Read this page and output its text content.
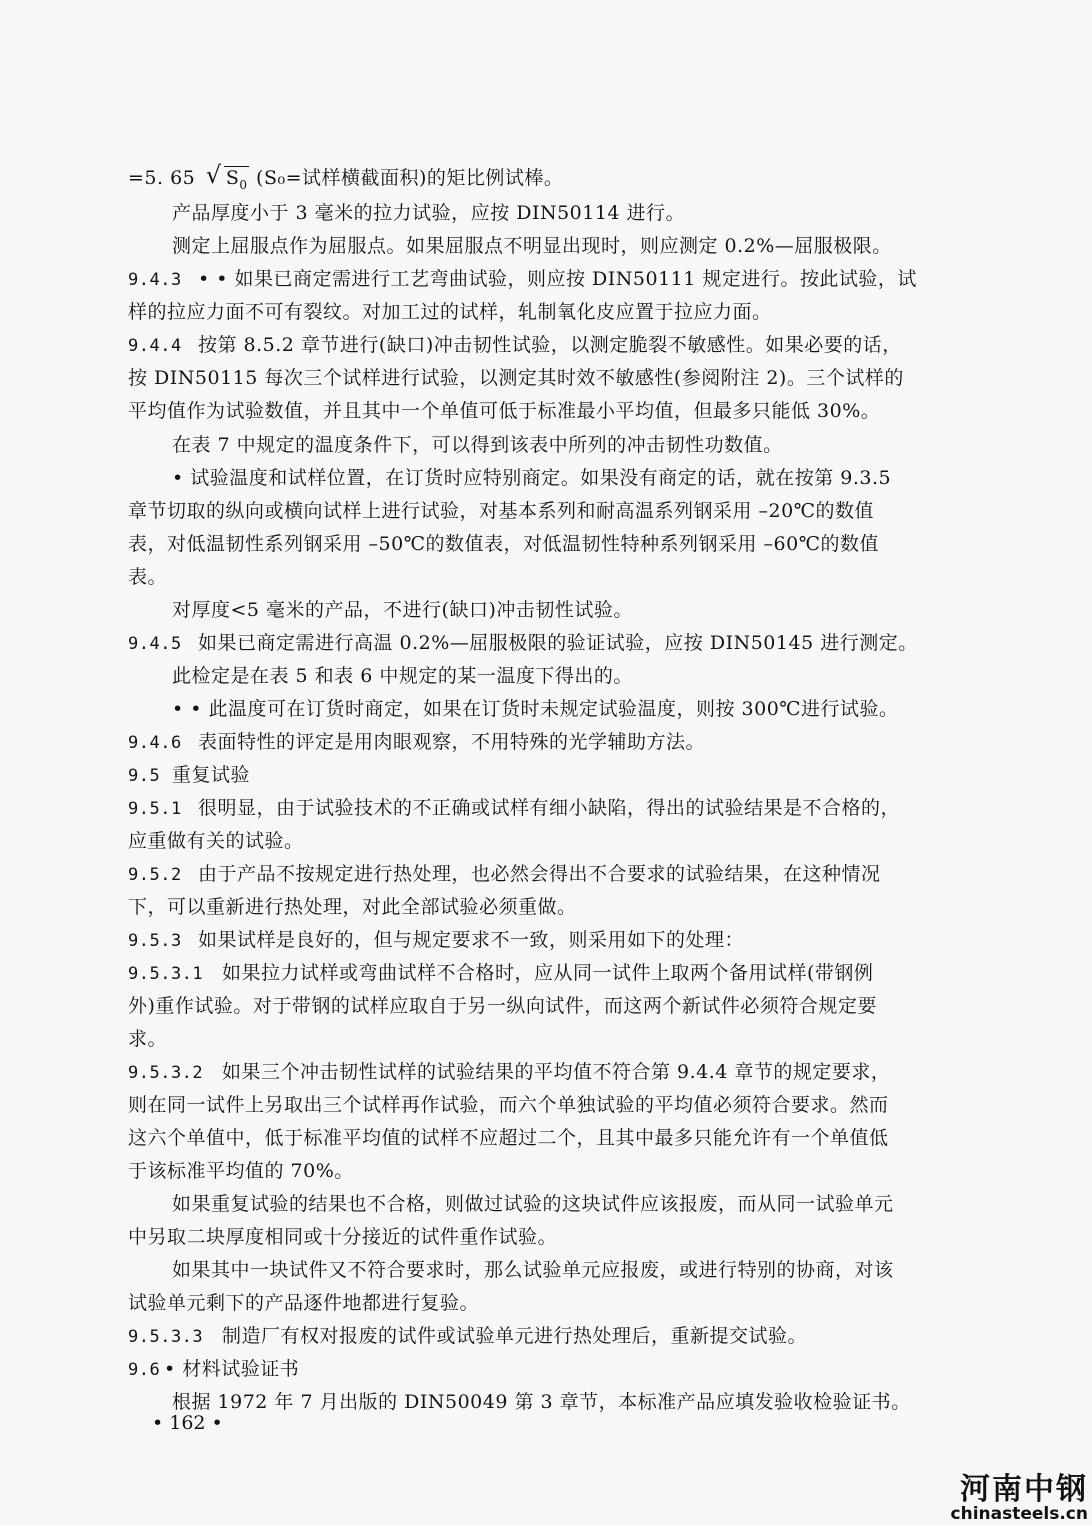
=5. 65 √ $S_0$ (S₀=试样横截面积)的矩比例试棒。
产品厚度小于 3 毫米的拉力试验，应按 DIN50114 进行。
测定上屈服点作为屈服点。如果屈服点不明显出现时，则应测定 0.2%—屈服极限。
9.4.3 • • 如果已商定需进行工艺弯曲试验，则应按 DIN50111 规定进行。按此试验，试
样的拉应力面不可有裂纹。对加工过的试样，轧制氧化皮应置于拉应力面。
9.4.4 按第 8.5.2 章节进行(缺口)冲击韧性试验，以测定脆裂不敏感性。如果必要的话，
按 DIN50115 每次三个试样进行试验，以测定其时效不敏感性(参阅附注 2)。三个试样的
平均值作为试验数值，并且其中一个单值可低于标准最小平均值，但最多只能低 30%。
在表 7 中规定的温度条件下，可以得到该表中所列的冲击韧性功数值。
• 试验温度和试样位置，在订货时应特别商定。如果没有商定的话，就在按第 9.3.5
章节切取的纵向或横向试样上进行试验，对基本系列和耐高温系列钢采用 –20℃的数值
表，对低温韧性系列钢采用 –50℃的数值表，对低温韧性特种系列钢采用 –60℃的数值
表。
对厚度<5 毫米的产品，不进行(缺口)冲击韧性试验。
9.4.5 如果已商定需进行高温 0.2%—屈服极限的验证试验，应按 DIN50145 进行测定。
此检定是在表 5 和表 6 中规定的某一温度下得出的。
• • 此温度可在订货时商定，如果在订货时未规定试验温度，则按 300℃进行试验。
9.4.6 表面特性的评定是用肉眼观察，不用特殊的光学辅助方法。
9.5 重复试验
9.5.1 很明显，由于试验技术的不正确或试样有细小缺陷，得出的试验结果是不合格的，
应重做有关的试验。
9.5.2 由于产品不按规定进行热处理，也必然会得出不合要求的试验结果，在这种情况
下，可以重新进行热处理，对此全部试验必须重做。
9.5.3 如果试样是良好的，但与规定要求不一致，则采用如下的处理：
9.5.3.1 如果拉力试样或弯曲试样不合格时，应从同一试件上取两个备用试样(带钢例
外)重作试验。对于带钢的试样应取自于另一纵向试件，而这两个新试件必须符合规定要
求。
9.5.3.2 如果三个冲击韧性试样的试验结果的平均值不符合第 9.4.4 章节的规定要求，
则在同一试件上另取出三个试样再作试验，而六个单独试验的平均值必须符合要求。然而
这六个单值中，低于标准平均值的试样不应超过二个，且其中最多只能允许有一个单值低
于该标准平均值的 70%。
如果重复试验的结果也不合格，则做过试验的这块试件应该报废，而从同一试验单元
中另取二块厚度相同或十分接近的试件重作试验。
如果其中一块试件又不符合要求时，那么试验单元应报废，或进行特别的协商，对该
试验单元剩下的产品逐件地都进行复验。
9.5.3.3 制造厂有权对报废的试件或试验单元进行热处理后，重新提交试验。
9.6 • 材料试验证书
根据 1972 年 7 月出版的 DIN50049 第 3 章节，本标准产品应填发验收检验证书。
• 162 •
河南中钢
chinasteels.cn
